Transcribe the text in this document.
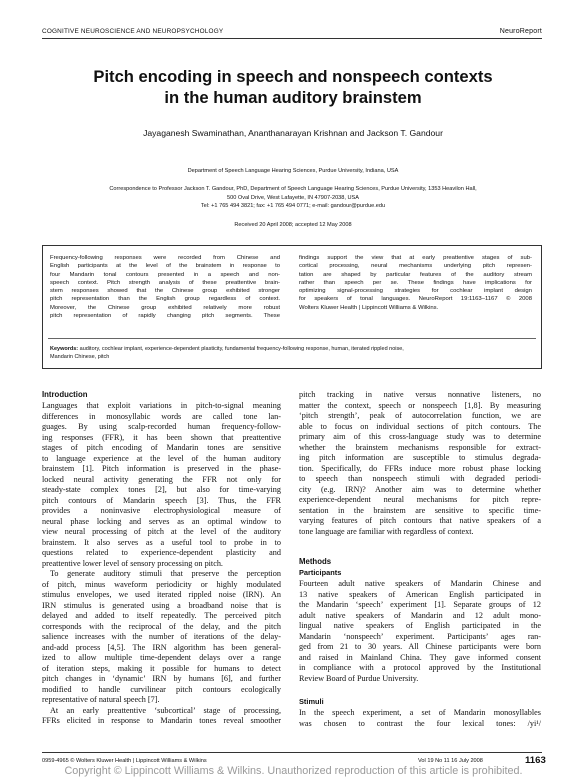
COGNITIVE NEUROSCIENCE AND NEUROPSYCHOLOGY	NeuroReport
Pitch encoding in speech and nonspeech contexts
in the human auditory brainstem
Jayaganesh Swaminathan, Ananthanarayan Krishnan and Jackson T. Gandour
Department of Speech Language Hearing Sciences, Purdue University, Indiana, USA
Correspondence to Professor Jackson T. Gandour, PhD, Department of Speech Language Hearing Sciences, Purdue University, 1353 Heavilon Hall,
500 Oval Drive, West Lafayette, IN 47907-2038, USA
Tel: +1 765 494 3821; fax: +1 765 494 0771; e-mail: gandour@purdue.edu
Received 20 April 2008; accepted 12 May 2008
Frequency-following responses were recorded from Chinese and
English participants at the level of the brainstem in response to
four Mandarin tonal contours presented in a speech and non-
speech context. Pitch strength analysis of these preattentive brain-
stem responses showed that the Chinese group exhibited stronger
pitch representation than the English group regardless of context.
Moreover, the Chinese group exhibited relatively more robust
pitch representation of rapidly changing pitch segments. These
findings support the view that at early preattentive stages of sub-
cortical processing, neural mechanisms underlying pitch represen-
tation are shaped by particular features of the auditory stream
rather than speech per se. These findings have implications for
optimizing signal-processing strategies for cochlear implant design
for speakers of tonal languages. NeuroReport 19:1163–1167 © 2008
Wolters Kluwer Health | Lippincott Williams & Wilkins.
Keywords: auditory, cochlear implant, experience-dependent plasticity, fundamental frequency-following response, human, iterated rippled noise,
Mandarin Chinese, pitch
Introduction
Languages that exploit variations in pitch-to-signal meaning
differences in monosyllabic words are called tone lan-
guages. By using scalp-recorded human frequency-follow-
ing responses (FFR), it has been shown that preattentive
stages of pitch encoding of Mandarin tones are sensitive
to language experience at the level of the human auditory
brainstem [1]. Pitch information is preserved in the phase-
locked neural activity generating the FFR not only for
steady-state complex tones [2], but also for time-varying
pitch contours of Mandarin speech [3]. Thus, the FFR
provides a noninvasive electrophysiological measure of
neural phase locking and serves as an optimal window to
view neural processing of pitch at the level of the auditory
brainstem. It also serves as a useful tool to probe in to
questions related to experience-dependent plasticity and
preattentive lower level of sensory processing on pitch.
To generate auditory stimuli that preserve the perception
of pitch, minus waveform periodicity or highly modulated
stimulus envelopes, we used iterated rippled noise (IRN). An
IRN stimulus is generated using a broadband noise that is
delayed and added to itself repeatedly. The perceived pitch
corresponds with the reciprocal of the delay, and the pitch
salience increases with the number of iterations of the delay-
and-add process [4,5]. The IRN algorithm has been general-
ized to allow multiple time-dependent delays over a range
of iteration steps, making it possible for humans to detect
pitch changes in ‘dynamic’ IRN by humans [6], and further
modified to handle curvilinear pitch contours ecologically
representative of natural speech [7].
At an early preattentive ‘subcortical’ stage of processing,
FFRs elicited in response to Mandarin tones reveal smoother
pitch tracking in native versus nonnative listeners, no
matter the context, speech or nonspeech [1,8]. By measuring
‘pitch strength’, peak of autocorrelation function, we are
able to focus on individual sections of pitch contours. The
primary aim of this cross-language study was to determine
whether the brainstem mechanisms responsible for extract-
ing pitch information are susceptible to stimulus degrada-
tion. Specifically, do FFRs induce more robust phase locking
to speech than nonspeech stimuli with degraded periodi-
city (e.g. IRN)? Another aim was to determine whether
experience-dependent neural mechanisms for pitch repre-
sentation in the brainstem are sensitive to specific time-
varying features of pitch contours that native speakers of a
tone language are familiar with regardless of context.
Methods
Participants
Fourteen adult native speakers of Mandarin Chinese and
13 native speakers of American English participated in
the Mandarin ‘speech’ experiment [1]. Separate groups of 12
adult native speakers of Mandarin and 12 adult mono-
lingual native speakers of English participated in the
Mandarin ‘nonspeech’ experiment. Participants’ ages ran-
ged from 21 to 30 years. All Chinese participants were born
and raised in Mainland China. They gave informed consent
in compliance with a protocol approved by the Institutional
Review Board of Purdue University.
Stimuli
In the speech experiment, a set of Mandarin monosyllables
was chosen to contrast the four lexical tones: /yi¹/
0959-4965 © Wolters Kluwer Health | Lippincott Williams & Wilkins	Vol 19 No 11 16 July 2008	1163
Copyright © Lippincott Williams & Wilkins. Unauthorized reproduction of this article is prohibited.
